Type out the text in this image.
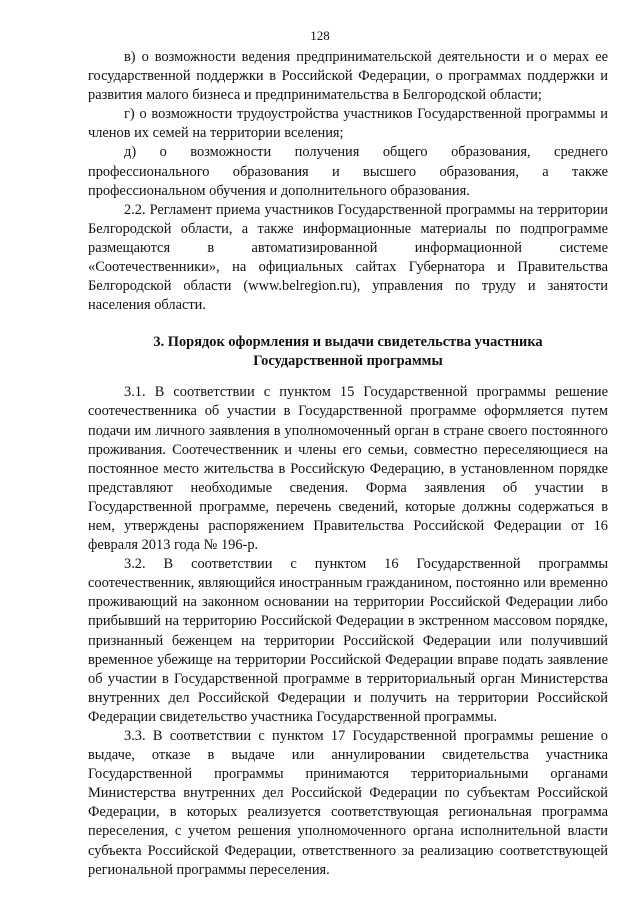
128

в) о возможности ведения предпринимательской деятельности и о мерах ее государственной поддержки в Российской Федерации, о программах поддержки и развития малого бизнеса и предпринимательства в Белгородской области;

г) о возможности трудоустройства участников Государственной программы и членов их семей на территории вселения;

д) о возможности получения общего образования, среднего профессионального образования и высшего образования, а также профессиональном обучения и дополнительного образования.

2.2. Регламент приема участников Государственной программы на территории Белгородской области, а также информационные материалы по подпрограмме размещаются в автоматизированной информационной системе «Соотечественники», на официальных сайтах Губернатора и Правительства Белгородской области (www.belregion.ru), управления по труду и занятости населения области.

3. Порядок оформления и выдачи свидетельства участника
Государственной программы

3.1. В соответствии с пунктом 15 Государственной программы решение соотечественника об участии в Государственной программе оформляется путем подачи им личного заявления в уполномоченный орган в стране своего постоянного проживания. Соотечественник и члены его семьи, совместно переселяющиеся на постоянное место жительства в Российскую Федерацию, в установленном порядке представляют необходимые сведения. Форма заявления об участии в Государственной программе, перечень сведений, которые должны содержаться в нем, утверждены распоряжением Правительства Российской Федерации от 16 февраля 2013 года № 196-р.

3.2. В соответствии с пунктом 16 Государственной программы соотечественник, являющийся иностранным гражданином, постоянно или временно проживающий на законном основании на территории Российской Федерации либо прибывший на территорию Российской Федерации в экстренном массовом порядке, признанный беженцем на территории Российской Федерации или получивший временное убежище на территории Российской Федерации вправе подать заявление об участии в Государственной программе в территориальный орган Министерства внутренних дел Российской Федерации и получить на территории Российской Федерации свидетельство участника Государственной программы.

3.3. В соответствии с пунктом 17 Государственной программы решение о выдаче, отказе в выдаче или аннулировании свидетельства участника Государственной программы принимаются территориальными органами Министерства внутренних дел Российской Федерации по субъектам Российской Федерации, в которых реализуется соответствующая региональная программа переселения, с учетом решения уполномоченного органа исполнительной власти субъекта Российской Федерации, ответственного за реализацию соответствующей региональной программы переселения.
